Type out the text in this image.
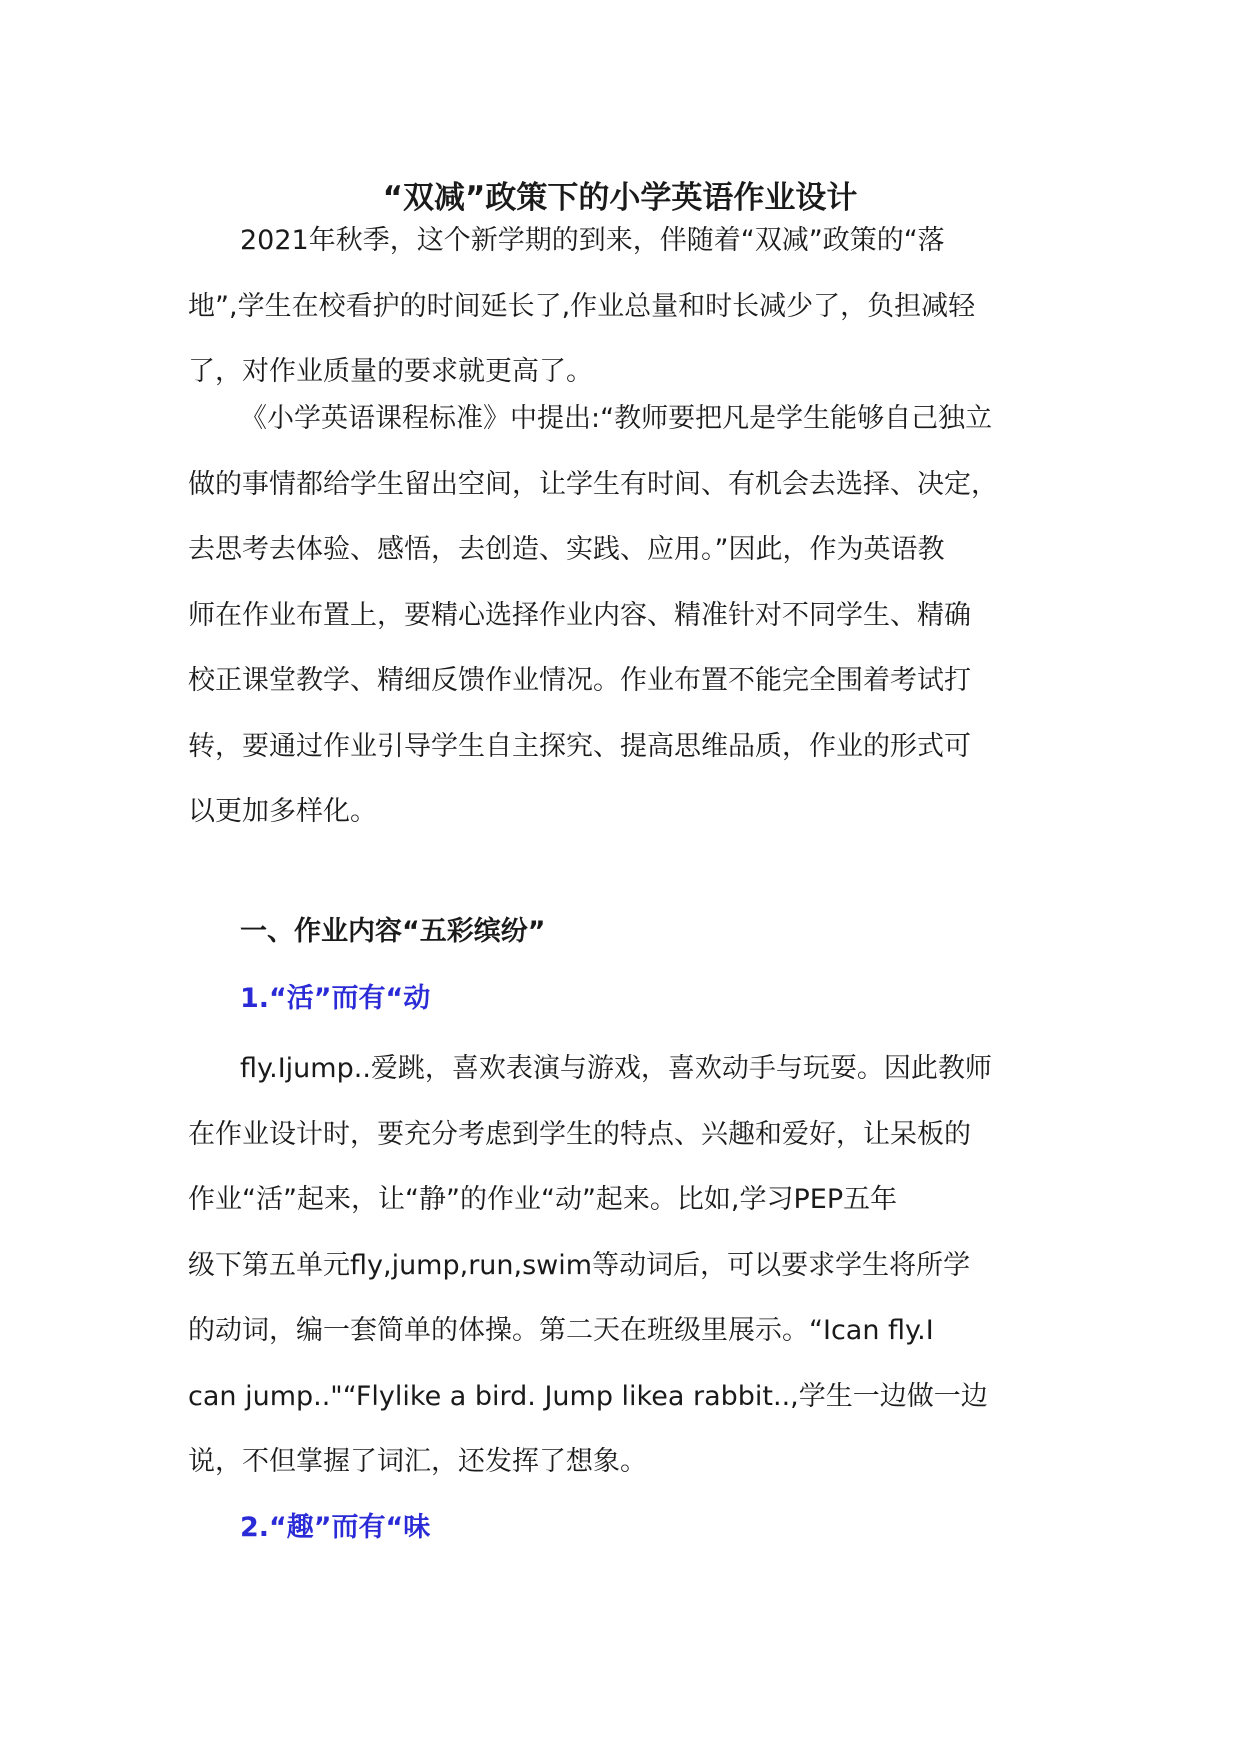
“双减”政策下的小学英语作业设计
2021年秋季，这个新学期的到来，伴随着“双减”政策的“落
地”,学生在校看护的时间延长了,作业总量和时长减少了，负担减轻
了，对作业质量的要求就更高了。
《小学英语课程标准》中提出:“教师要把凡是学生能够自己独立
做的事情都给学生留出空间，让学生有时间、有机会去选择、决定，
去思考去体验、感悟，去创造、实践、应用。”因此，作为英语教
师在作业布置上，要精心选择作业内容、精准针对不同学生、精确
校正课堂教学、精细反馈作业情况。作业布置不能完全围着考试打
转，要通过作业引导学生自主探究、提高思维品质，作业的形式可
以更加多样化。
一、作业内容“五彩缤纷”
1.“活”而有“动
fly.Ijump..爱跳，喜欢表演与游戏，喜欢动手与玩耍。因此教师
在作业设计时，要充分考虑到学生的特点、兴趣和爱好，让呆板的
作业“活”起来，让“静”的作业“动”起来。比如,学习PEP五年
级下第五单元fly,jump,run,swim等动词后，可以要求学生将所学
的动词，编一套简单的体操。第二天在班级里展示。“Ican fly.I
can jump.."“Flylike a bird. Jump likea rabbit..,学生一边做一边
说，不但掌握了词汇，还发挥了想象。
2.“趣”而有“味
